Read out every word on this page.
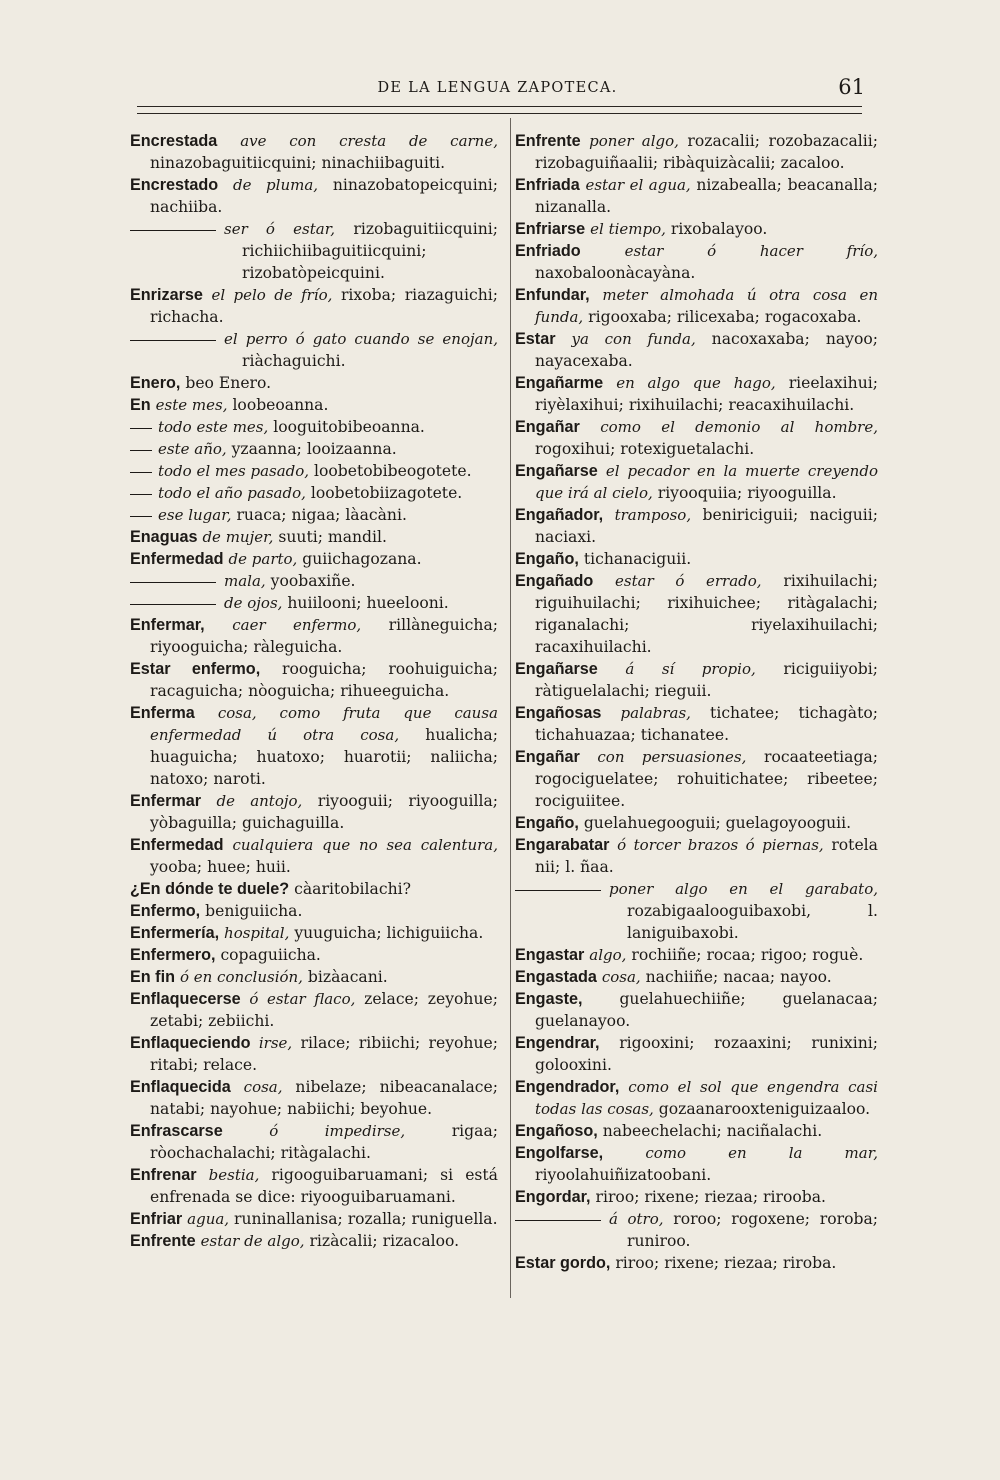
DE LA LENGUA ZAPOTECA.	61

Encrestada ave con cresta de carne, ninazobaguitiicquini; ninachiibaguiti.

Encrestado de pluma, ninazobatopeicquini; nachiiba.

ser ó estar, rizobaguitiicquini; richiichiibaguitiicquini; rizobatòpeicquini.

Enrizarse el pelo de frío, rixoba; riazaguichi; richacha.

el perro ó gato cuando se enojan, riàchaguichi.

Enero, beo Enero.

En este mes, loobeoanna.

todo este mes, looguitobibeoanna.

este año, yzaanna; looizaanna.

todo el mes pasado, loobetobibeogotete.

todo el año pasado, loobetobiizagotete.

ese lugar, ruaca; nigaa; làacàni.

Enaguas de mujer, suuti; mandil.

Enfermedad de parto, guiichagozana.

mala, yoobaxiñe.

de ojos, huiilooni; hueelooni.

Enfermar, caer enfermo, rillàneguicha; riyooguicha; ràleguicha.

Estar enfermo, rooguicha; roohuiguicha; racaguicha; nòoguicha; rihueeguicha.

Enferma cosa, como fruta que causa enfermedad ú otra cosa, hualicha; huaguicha; huatoxo; huarotii; naliicha; natoxo; naroti.

Enfermar de antojo, riyooguii; riyooguilla; yòbaguilla; guichaguilla.

Enfermedad cualquiera que no sea calentura, yooba; huee; huii.

¿En dónde te duele? càaritobilachi?

Enfermo, beniguiicha.

Enfermería, hospital, yuuguicha; lichiguiicha.

Enfermero, copaguiicha.

En fin ó en conclusión, bizàacani.

Enflaquecerse ó estar flaco, zelace; zeyohue; zetabi; zebiichi.

Enflaqueciendo irse, rilace; ribiichi; reyohue; ritabi; relace.

Enflaquecida cosa, nibelaze; nibeacanalace; natabi; nayohue; nabiichi; beyohue.

Enfrascarse	ó impedirse, rigaa; ròochachalachi; ritàgalachi.

Enfrenar bestia, rigooguibaruamani; si está enfrenada se dice: riyooguibaruamani.

Enfriar agua, runinallanisa; rozalla; runiguella.

Enfrente estar de algo, rizàcalii; rizacaloo.

Enfrente poner algo, rozacalii; rozobazacalii; rizobaguiñaalii; ribàquizàcalii; zacaloo.

Enfriada estar el agua, nizabealla; beacanalla; nizanalla.

Enfriarse el tiempo, rixobalayoo.

Enfriado	estar ó hacer frío, naxobaloonàcayàna.

Enfundar, meter almohada ú otra cosa en funda, rigooxaba; rilicexaba; rogacoxaba.

Estar ya con funda, nacoxaxaba; nayoo; nayacexaba.

Engañarme en algo que hago, rieelaxihui; riyèlaxihui; rixihuilachi; reacaxihuilachi.

Engañar como el demonio al hombre, rogoxihui; rotexiguetalachi.

Engañarse el pecador en la muerte creyendo que irá al cielo, riyooquiia; riyooguilla.

Engañador, tramposo, beniriciguii; naciguii; naciaxi.

Engaño, tichanaciguii.

Engañado estar ó errado, rixihuilachi; riguihuilachi; rixihuichee; ritàgalachi; riganalachi; riyelaxihuilachi; racaxihuilachi.

Engañarse á sí propio, riciguiiyobi; ràtiguelalachi; rieguii.

Engañosas palabras, tichatee; tichagàto; tichahuazaa; tichanatee.

Engañar con persuasiones, rocaateetiaga; rogociguelatee; rohuitichatee; ribeetee; rociguiitee.

Engaño, guelahuegooguii; guelagoyooguii.

Engarabatar ó torcer brazos ó piernas, rotela nii; l. ñaa.

poner algo en el garabato, rozabigaalooguibaxobi, l. laniguibaxobi.

Engastar algo, rochiiñe; rocaa; rigoo; roguè.

Engastada cosa, nachiiñe; nacaa; nayoo.

Engaste, guelahuechiiñe; guelanacaa; guelanayoo.

Engendrar, rigooxini; rozaaxini; runixini; golooxini.

Engendrador, como el sol que engendra casi todas las cosas, gozaanarooxteniguizaaloo.

Engañoso, nabeechelachi; naciñalachi.

Engolfarse,	como en la mar, riyoolahuiñizatoobani.

Engordar, riroo; rixene; riezaa; riroobа.

á otro, roroo; rogoxene; roroba; runiroo.

Estar gordo, riroo; rixene; riezaa; riroba.
